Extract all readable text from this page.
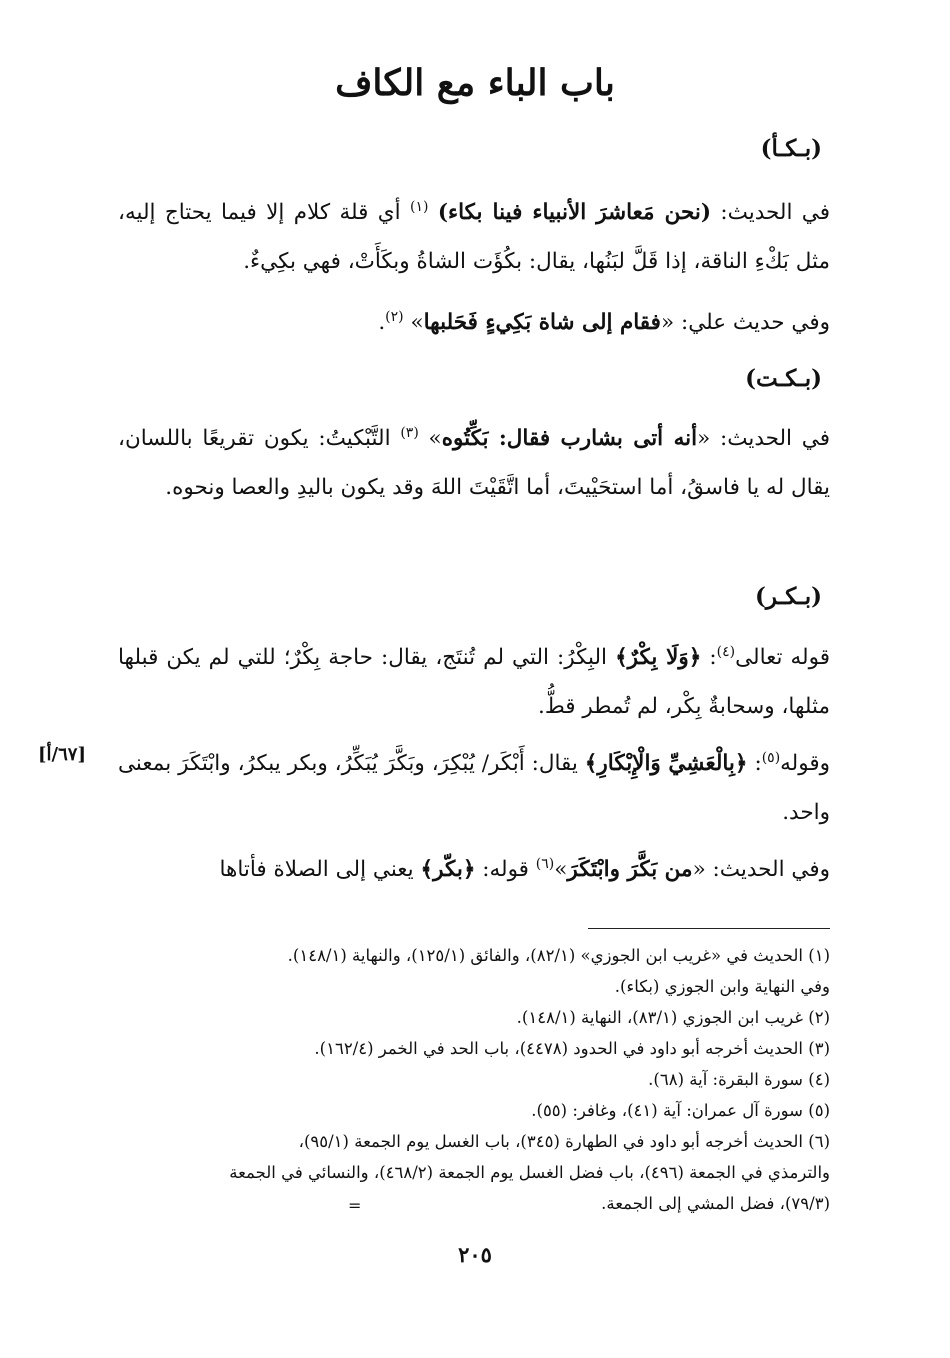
باب الباء مع الكاف
(بـكـأ)

في الحديث: (نحن مَعاشرَ الأنبياء فينا بكاء) $^{(١)}$ أي قلة كلام إلا فيما يحتاج إليه، مثل بَكْءِ الناقة، إذا قَلَّ لبَنُها، يقال: بكُؤَت الشاةُ وبكَأَتْ، فهي بكِيءٌ.

وفي حديث علي: «فقام إلى شاة بَكِيءٍ فَحَلبها» $^{(٢)}$.

(بـكـت)

في الحديث: «أنه أتى بشارب فقال: بَكِّتُوه» $^{(٣)}$ التَّبْكيتُ: يكون تقريعًا باللسان، يقال له يا فاسقُ، أما استحَيْيتَ، أما اتَّقَيْتَ اللهَ وقد يكون باليدِ والعصا ونحوه.

(بـكـر)

قوله تعالى$^{(٤)}$: ﴿وَلَا بِكْرٌ﴾ البِكْرُ: التي لم تُنتَج، يقال: حاجة بِكْرٌ؛ للتي لم يكن قبلها مثلها، وسحابةٌ بِكْر، لم تُمطر قطُّ.

وقوله$^{(٥)}$: ﴿بِالْعَشِيِّ وَالْإِبْكَارِ﴾ يقال: أَبْكَر/ يُبْكِرَ، وبَكَّرَ يُبَكِّرُ، وبكر يبكرُ، وابْتَكَرَ بمعنى واحد.

وفي الحديث: «من بَكَّرَ وابْتَكَرَ»$^{(٦)}$ قوله: ﴿بكّر﴾ يعني إلى الصلاة فأتاها

[٦٧/أ]
(١) الحديث في «غريب ابن الجوزي» (٨٢/١)، والفائق (١٢٥/١)، والنهاية (١٤٨/١).
وفي النهاية وابن الجوزي (بكاء).
(٢) غريب ابن الجوزي (٨٣/١)، النهاية (١٤٨/١).
(٣) الحديث أخرجه أبو داود في الحدود (٤٤٧٨)، باب الحد في الخمر (١٦٢/٤).
(٤) سورة البقرة: آية (٦٨).
(٥) سورة آل عمران: آية (٤١)، وغافر: (٥٥).
(٦) الحديث أخرجه أبو داود في الطهارة (٣٤٥)، باب الغسل يوم الجمعة (٩٥/١)،
والترمذي في الجمعة (٤٩٦)، باب فضل الغسل يوم الجمعة (٤٦٨/٢)، والنسائي في الجمعة
(٧٩/٣)، فضل المشي إلى الجمعة.
=
٢٠٥
